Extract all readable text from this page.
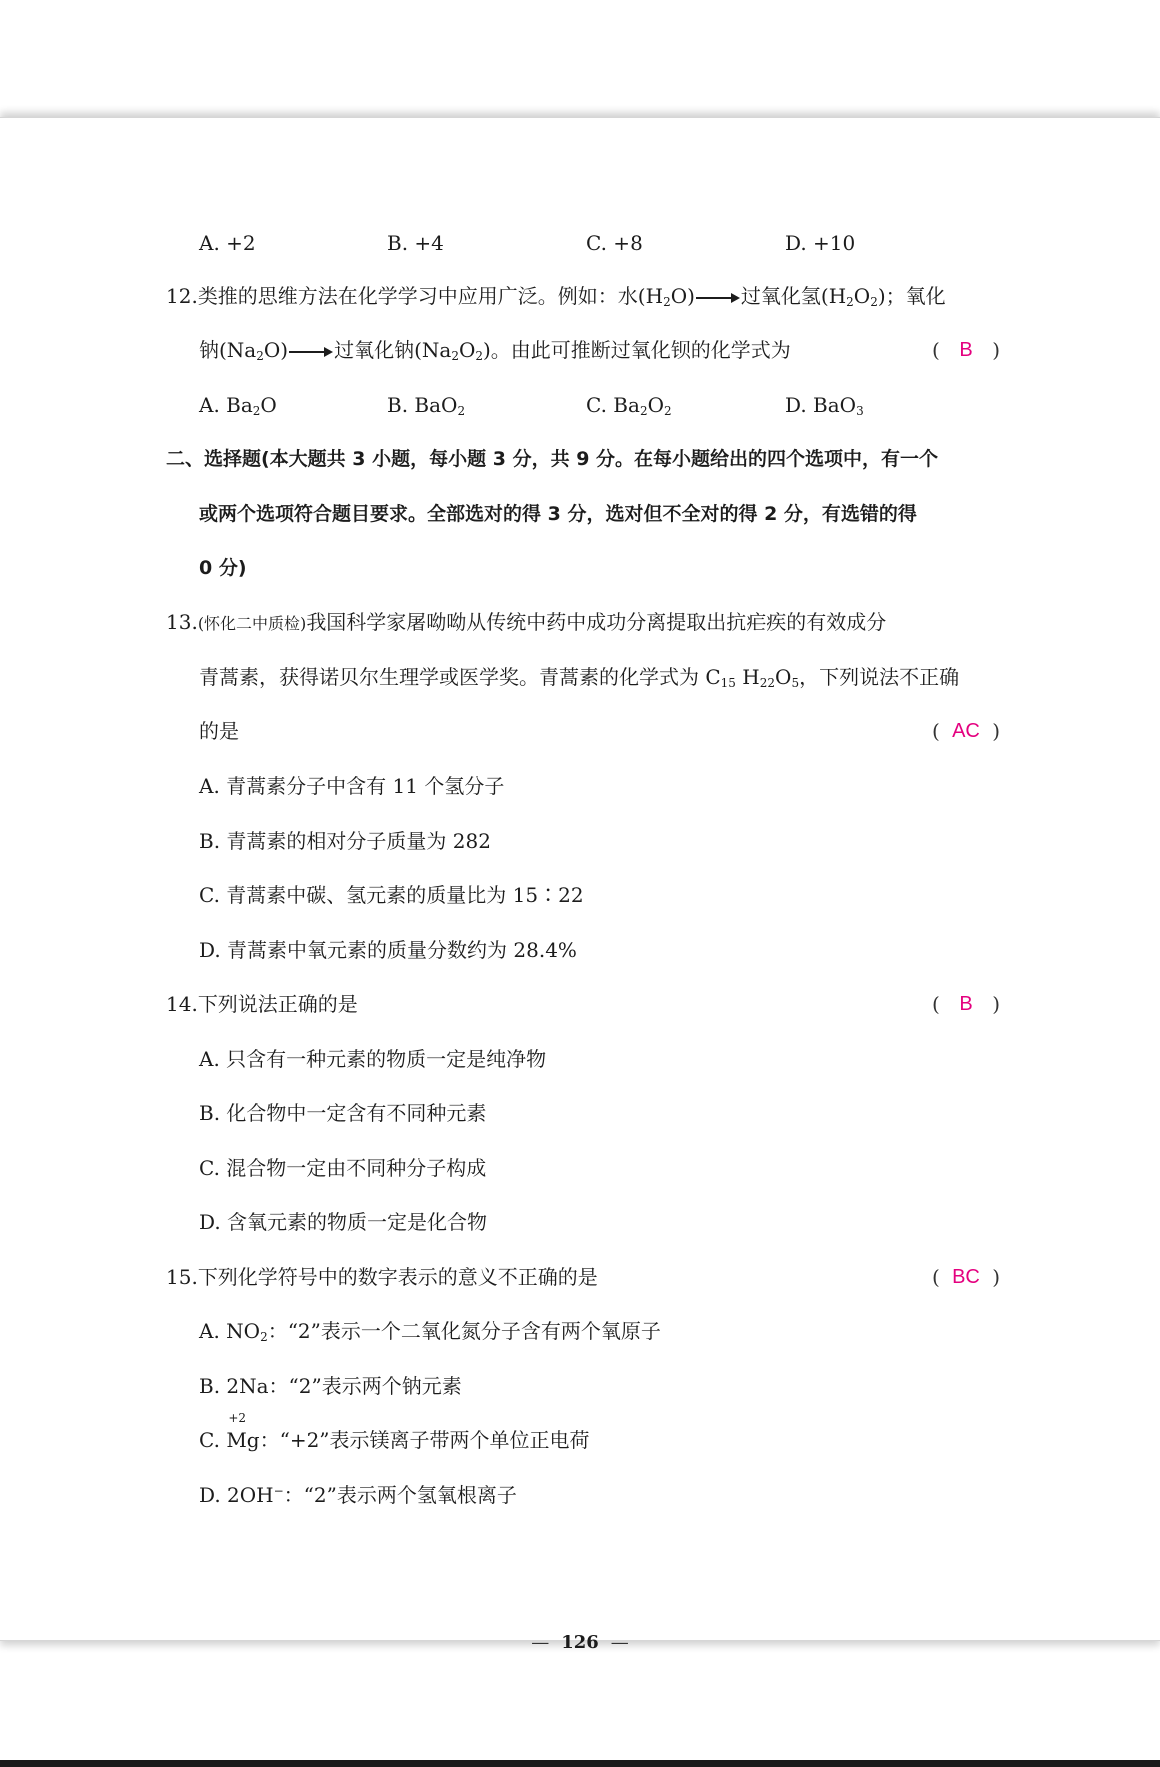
A. +2	B. +4	C. +8	D. +10
12.类推的思维方法在化学学习中应用广泛。例如：水$(H_2O)$ 过氧化氢$(H_2O_2)$；氧化
钠$(Na_2O)$ 过氧化钠$(Na_2O_2)$。由此可推断过氧化钡的化学式为	( B )
A. $Ba_2O$	B. BaO$_2$	C. $Ba_2O_2$	D. BaO$_3$
二、选择题(本大题共 3 小题，每小题 3 分，共 9 分。在每小题给出的四个选项中，有一个
或两个选项符合题目要求。全部选对的得 3 分，选对但不全对的得 2 分，有选错的得
0 分)
13.(怀化二中质检)我国科学家屠呦呦从传统中药中成功分离提取出抗疟疾的有效成分
青蒿素，获得诺贝尔生理学或医学奖。青蒿素的化学式为 $C_{15}$ $H_{22}O_5$，下列说法不正确
的是	( AC )
A. 青蒿素分子中含有 11 个氢分子
B. 青蒿素的相对分子质量为 282
C. 青蒿素中碳、氢元素的质量比为 15∶22
D. 青蒿素中氧元素的质量分数约为 28.4%
14.下列说法正确的是	( B )
A. 只含有一种元素的物质一定是纯净物
B. 化合物中一定含有不同种元素
C. 混合物一定由不同种分子构成
D. 含氧元素的物质一定是化合物
15.下列化学符号中的数字表示的意义不正确的是	( BC )
A. $NO_2$：“2”表示一个二氧化氮分子含有两个氧原子
B. 2Na：“2”表示两个钠元素
C.
+2
Mg：“+2”表示镁离子带两个单位正电荷
D. 2OH−：“2”表示两个氢氧根离子
— 126 —
